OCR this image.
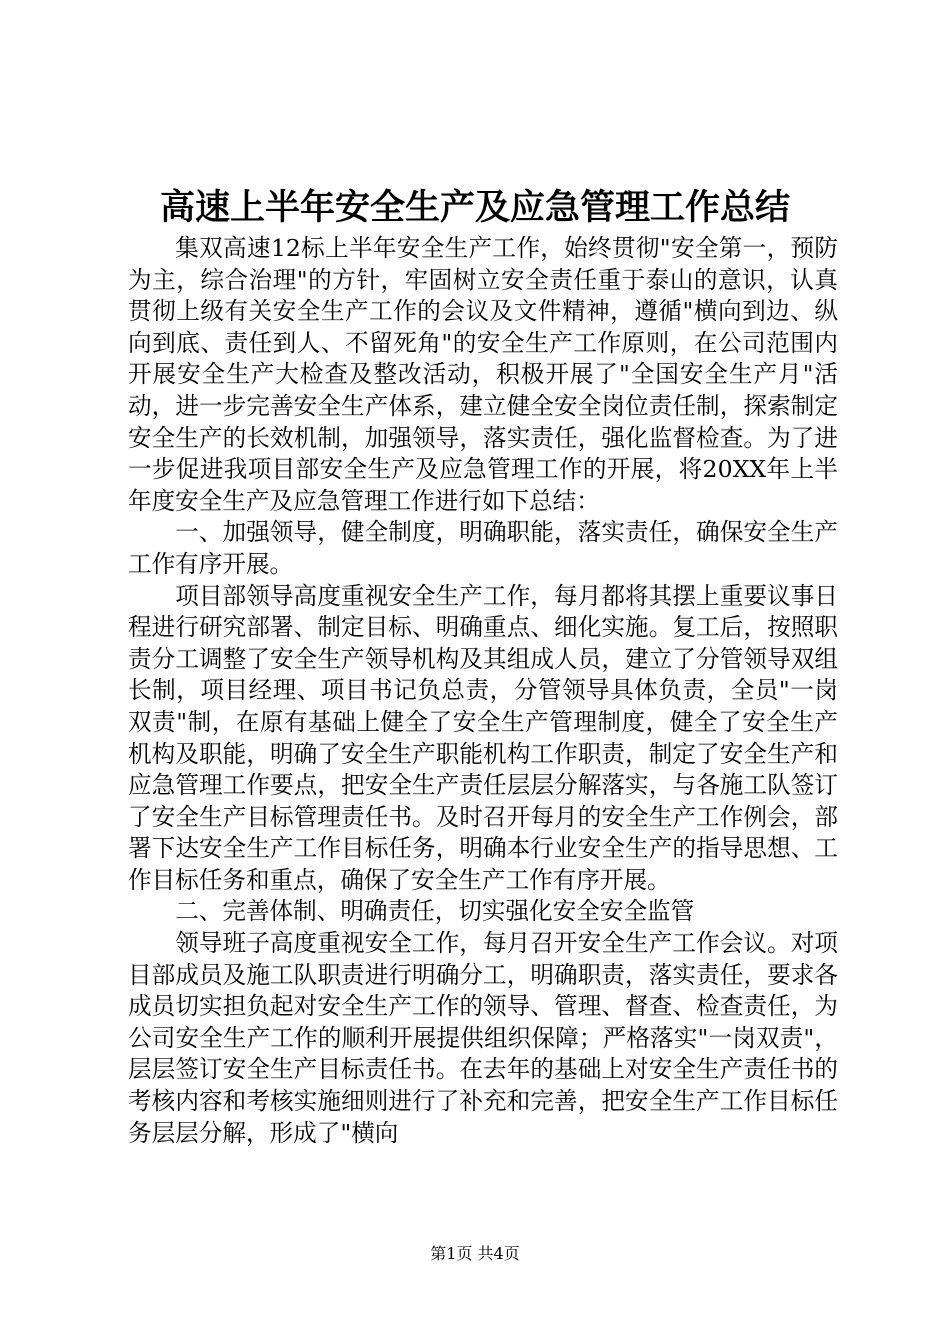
高速上半年安全生产及应急管理工作总结

集双高速12标上半年安全生产工作，始终贯彻"安全第一，预防为主，综合治理"的方针，牢固树立安全责任重于泰山的意识，认真贯彻上级有关安全生产工作的会议及文件精神，遵循"横向到边、纵向到底、责任到人、不留死角"的安全生产工作原则，在公司范围内开展安全生产大检查及整改活动，积极开展了"全国安全生产月"活动，进一步完善安全生产体系，建立健全安全岗位责任制，探索制定安全生产的长效机制，加强领导，落实责任，强化监督检查。为了进一步促进我项目部安全生产及应急管理工作的开展，将20XX年上半年度安全生产及应急管理工作进行如下总结：

一、加强领导，健全制度，明确职能，落实责任，确保安全生产工作有序开展。

项目部领导高度重视安全生产工作，每月都将其摆上重要议事日程进行研究部署、制定目标、明确重点、细化实施。复工后，按照职责分工调整了安全生产领导机构及其组成人员，建立了分管领导双组长制，项目经理、项目书记负总责，分管领导具体负责，全员"一岗双责"制，在原有基础上健全了安全生产管理制度，健全了安全生产机构及职能，明确了安全生产职能机构工作职责，制定了安全生产和应急管理工作要点，把安全生产责任层层分解落实，与各施工队签订了安全生产目标管理责任书。及时召开每月的安全生产工作例会，部署下达安全生产工作目标任务，明确本行业安全生产的指导思想、工作目标任务和重点，确保了安全生产工作有序开展。

二、完善体制、明确责任，切实强化安全安全监管

领导班子高度重视安全工作，每月召开安全生产工作会议。对项目部成员及施工队职责进行明确分工，明确职责，落实责任，要求各成员切实担负起对安全生产工作的领导、管理、督查、检查责任，为公司安全生产工作的顺利开展提供组织保障；严格落实"一岗双责"，层层签订安全生产目标责任书。在去年的基础上对安全生产责任书的考核内容和考核实施细则进行了补充和完善，把安全生产工作目标任务层层分解，形成了"横向

第1页 共4页
